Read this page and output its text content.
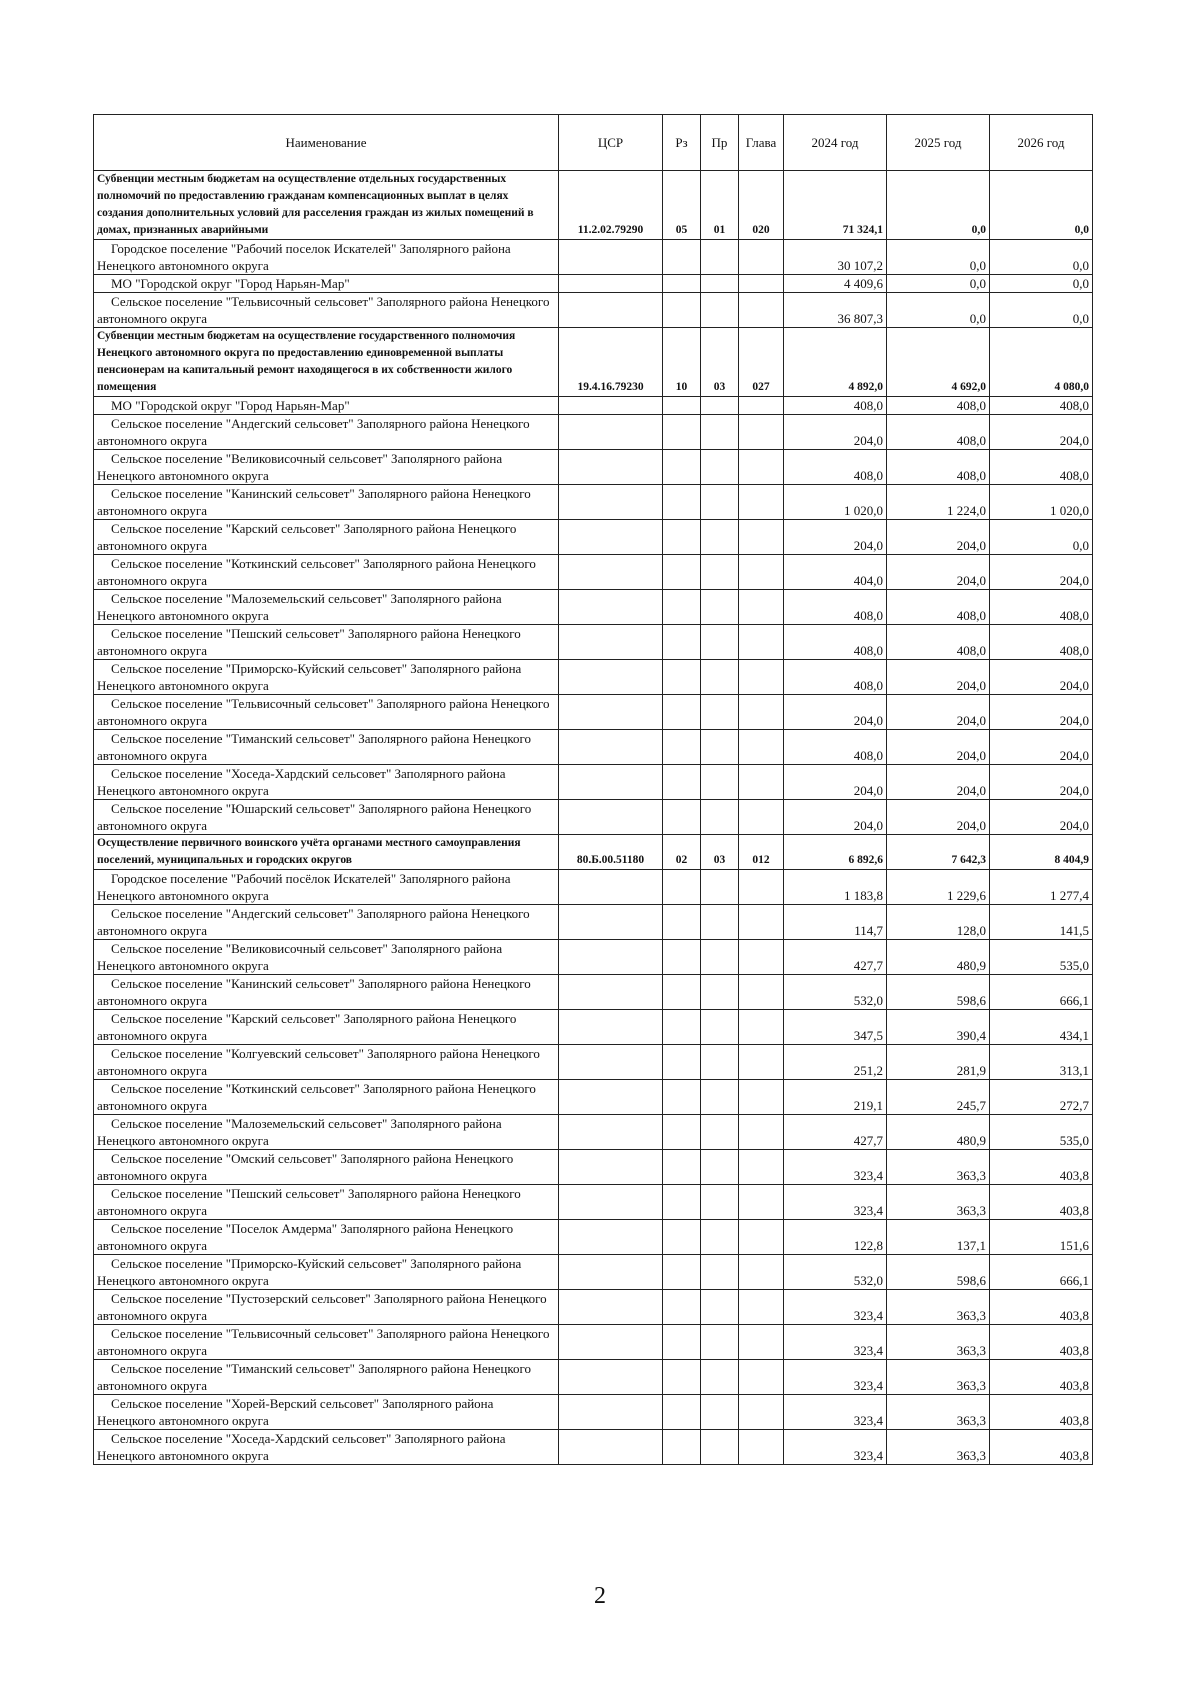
Наименование	ЦСР	Рз	Пр	Глава	2024 год	2025 год	2026 год

Субвенции местным бюджетам на осуществление отдельных государственных полномочий по предоставлению гражданам компенсационных выплат в целях создания дополнительных условий для расселения граждан из жилых помещений в домах, признанных аварийными	11.2.02.79290	05	01	020	71 324,1	0,0	0,0

Городское поселение "Рабочий поселок Искателей" Заполярного района Ненецкого автономного округа					30 107,2	0,0	0,0

МО "Городской округ "Город Нарьян-Мар"					4 409,6	0,0	0,0

Сельское поселение "Тельвисочный сельсовет" Заполярного района Ненецкого автономного округа					36 807,3	0,0	0,0

Субвенции местным бюджетам на осуществление государственного полномочия Ненецкого автономного округа по предоставлению единовременной выплаты пенсионерам на капитальный ремонт находящегося в их собственности жилого помещения	19.4.16.79230	10	03	027	4 892,0	4 692,0	4 080,0

МО "Городской округ "Город Нарьян-Мар"					408,0	408,0	408,0

Сельское поселение "Андегский сельсовет" Заполярного района Ненецкого автономного округа					204,0	408,0	204,0

Сельское поселение "Великовисочный сельсовет" Заполярного района Ненецкого автономного округа					408,0	408,0	408,0

Сельское поселение "Канинский сельсовет" Заполярного района Ненецкого автономного округа					1 020,0	1 224,0	1 020,0

Сельское поселение "Карский сельсовет" Заполярного района Ненецкого автономного округа					204,0	204,0	0,0

Сельское поселение "Коткинский сельсовет" Заполярного района Ненецкого автономного округа					404,0	204,0	204,0

Сельское поселение "Малоземельский сельсовет" Заполярного района Ненецкого автономного округа					408,0	408,0	408,0

Сельское поселение "Пешский сельсовет" Заполярного района Ненецкого автономного округа					408,0	408,0	408,0

Сельское поселение "Приморско-Куйский сельсовет" Заполярного района Ненецкого автономного округа					408,0	204,0	204,0

Сельское поселение "Тельвисочный сельсовет" Заполярного района Ненецкого автономного округа					204,0	204,0	204,0

Сельское поселение "Тиманский сельсовет" Заполярного района Ненецкого автономного округа					408,0	204,0	204,0

Сельское поселение "Хоседа-Хардский сельсовет" Заполярного района Ненецкого автономного округа					204,0	204,0	204,0

Сельское поселение "Юшарский сельсовет" Заполярного района Ненецкого автономного округа					204,0	204,0	204,0

Осуществление первичного воинского учёта органами местного самоуправления поселений, муниципальных и городских округов	80.Б.00.51180	02	03	012	6 892,6	7 642,3	8 404,9

Городское поселение "Рабочий посёлок Искателей" Заполярного района Ненецкого автономного округа					1 183,8	1 229,6	1 277,4

Сельское поселение "Андегский сельсовет" Заполярного района Ненецкого автономного округа					114,7	128,0	141,5

Сельское поселение "Великовисочный сельсовет" Заполярного района Ненецкого автономного округа					427,7	480,9	535,0

Сельское поселение "Канинский сельсовет" Заполярного района Ненецкого автономного округа					532,0	598,6	666,1

Сельское поселение "Карский сельсовет" Заполярного района Ненецкого автономного округа					347,5	390,4	434,1

Сельское поселение "Колгуевский сельсовет" Заполярного района Ненецкого автономного округа					251,2	281,9	313,1

Сельское поселение "Коткинский сельсовет" Заполярного района Ненецкого автономного округа					219,1	245,7	272,7

Сельское поселение "Малоземельский сельсовет" Заполярного района Ненецкого автономного округа					427,7	480,9	535,0

Сельское поселение "Омский сельсовет" Заполярного района Ненецкого автономного округа					323,4	363,3	403,8

Сельское поселение "Пешский сельсовет" Заполярного района Ненецкого автономного округа					323,4	363,3	403,8

Сельское поселение "Поселок Амдерма" Заполярного района Ненецкого автономного округа					122,8	137,1	151,6

Сельское поселение "Приморско-Куйский сельсовет" Заполярного района Ненецкого автономного округа					532,0	598,6	666,1

Сельское поселение "Пустозерский сельсовет" Заполярного района Ненецкого автономного округа					323,4	363,3	403,8

Сельское поселение "Тельвисочный сельсовет" Заполярного района Ненецкого автономного округа					323,4	363,3	403,8

Сельское поселение "Тиманский сельсовет" Заполярного района Ненецкого автономного округа					323,4	363,3	403,8

Сельское поселение "Хорей-Верский сельсовет" Заполярного района Ненецкого автономного округа					323,4	363,3	403,8

Сельское поселение "Хоседа-Хардский сельсовет" Заполярного района Ненецкого автономного округа					323,4	363,3	403,8
2
